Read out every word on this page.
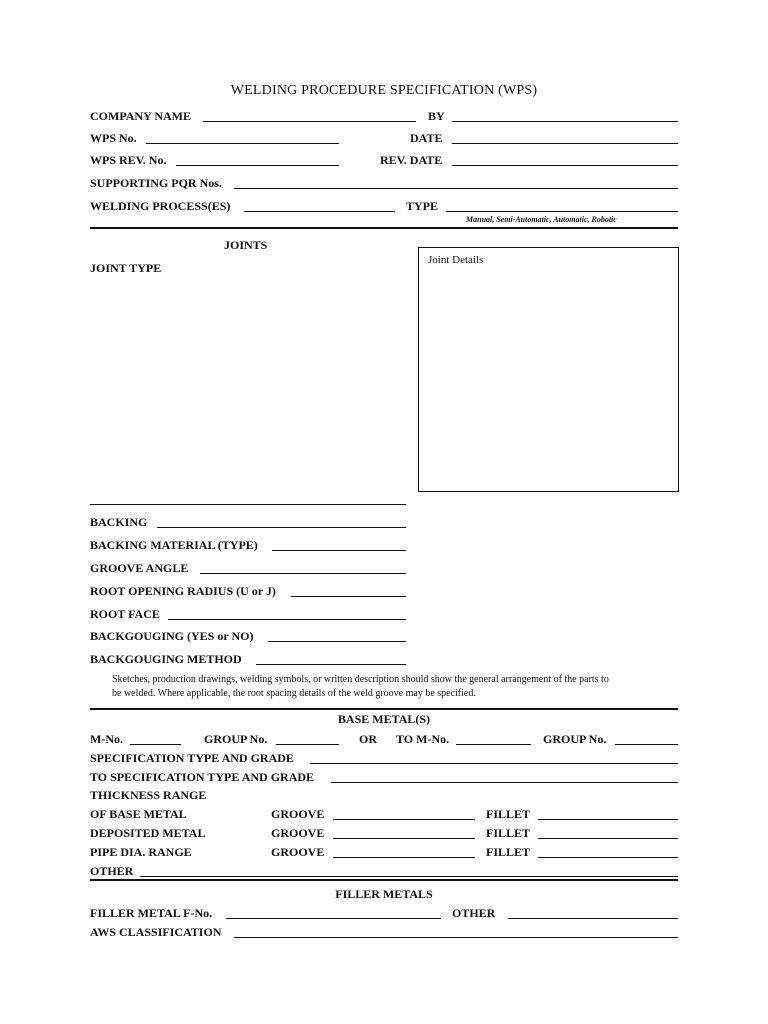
WELDING PROCEDURE SPECIFICATION (WPS)
COMPANY NAME	BY
WPS No.	DATE
WPS REV. No.	REV. DATE
SUPPORTING PQR Nos.
WELDING PROCESS(ES)	TYPE
Manual, Semi-Automatic, Automatic, Robotic
JOINTS
JOINT TYPE
Joint Details
BACKING
BACKING MATERIAL (TYPE)
GROOVE ANGLE
ROOT OPENING RADIUS (U or J)
ROOT FACE
BACKGOUGING (YES or NO)
BACKGOUGING METHOD
Sketches, production drawings, welding symbols, or written description should show the general arrangement of the parts to
be welded. Where applicable, the root spacing details of the weld groove may be specified.
BASE METAL(S)
M-No.	GROUP No.	OR TO M-No.	GROUP No.
SPECIFICATION TYPE AND GRADE
TO SPECIFICATION TYPE AND GRADE
THICKNESS RANGE
OF BASE METAL	GROOVE	FILLET
DEPOSITED METAL	GROOVE	FILLET
PIPE DIA. RANGE	GROOVE	FILLET
OTHER
FILLER METALS
FILLER METAL F-No.	OTHER
AWS CLASSIFICATION
